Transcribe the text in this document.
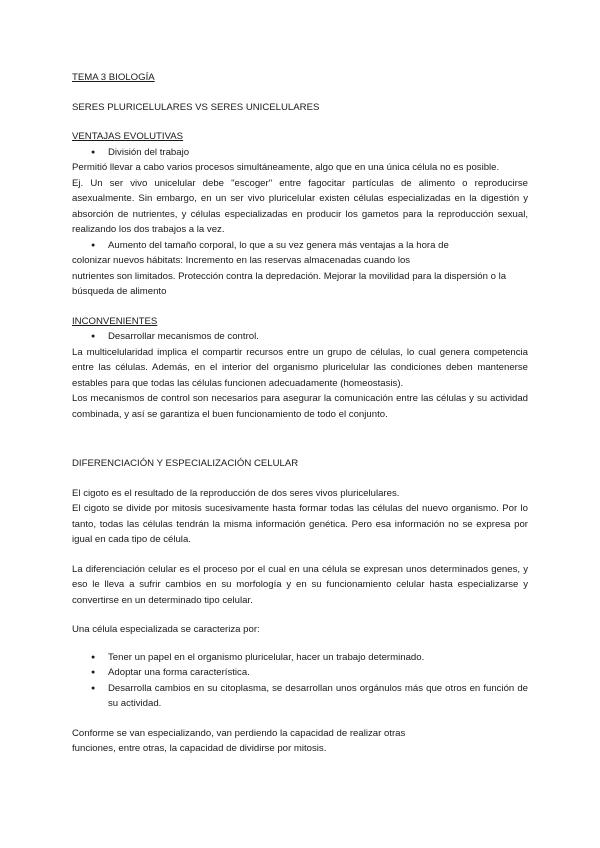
TEMA 3 BIOLOGÍA

SERES PLURICELULARES VS SERES UNICELULARES

VENTAJAS EVOLUTIVAS

● División del trabajo

Permitió llevar a cabo varios procesos simultáneamente, algo que en una única célula no es posible.

Ej. Un ser vivo unicelular debe "escoger" entre fagocitar partículas de alimento o reproducirse asexualmente. Sin embargo, en un ser vivo pluricelular existen células especializadas en la digestión y absorción de nutrientes, y células especializadas en producir los gametos para la reproducción sexual, realizando los dos trabajos a la vez.

● Aumento del tamaño corporal, lo que a su vez genera más ventajas a la hora de

colonizar nuevos hábitats: Incremento en las reservas almacenadas cuando los

nutrientes son limitados. Protección contra la depredación. Mejorar la movilidad para la dispersión o la búsqueda de alimento

INCONVENIENTES

● Desarrollar mecanismos de control.

La multicelularidad implica el compartir recursos entre un grupo de células, lo cual genera competencia entre las células. Además, en el interior del organismo pluricelular las condiciones deben mantenerse estables para que todas las células funcionen adecuadamente (homeostasis).

Los mecanismos de control son necesarios para asegurar la comunicación entre las células y su actividad combinada, y así se garantiza el buen funcionamiento de todo el conjunto.

DIFERENCIACIÓN Y ESPECIALIZACIÓN CELULAR

El cigoto es el resultado de la reproducción de dos seres vivos pluricelulares.

El cigoto se divide por mitosis sucesivamente hasta formar todas las células del nuevo organismo. Por lo tanto, todas las células tendrán la misma información genética. Pero esa información no se expresa por igual en cada tipo de célula.

La diferenciación celular es el proceso por el cual en una célula se expresan unos determinados genes, y eso le lleva a sufrir cambios en su morfología y en su funcionamiento celular hasta especializarse y convertirse en un determinado tipo celular.

Una célula especializada se caracteriza por:

● Tener un papel en el organismo pluricelular, hacer un trabajo determinado.
● Adoptar una forma característica.
● Desarrolla cambios en su citoplasma, se desarrollan unos orgánulos más que otros en función de su actividad.

Conforme se van especializando, van perdiendo la capacidad de realizar otras

funciones, entre otras, la capacidad de dividirse por mitosis.
